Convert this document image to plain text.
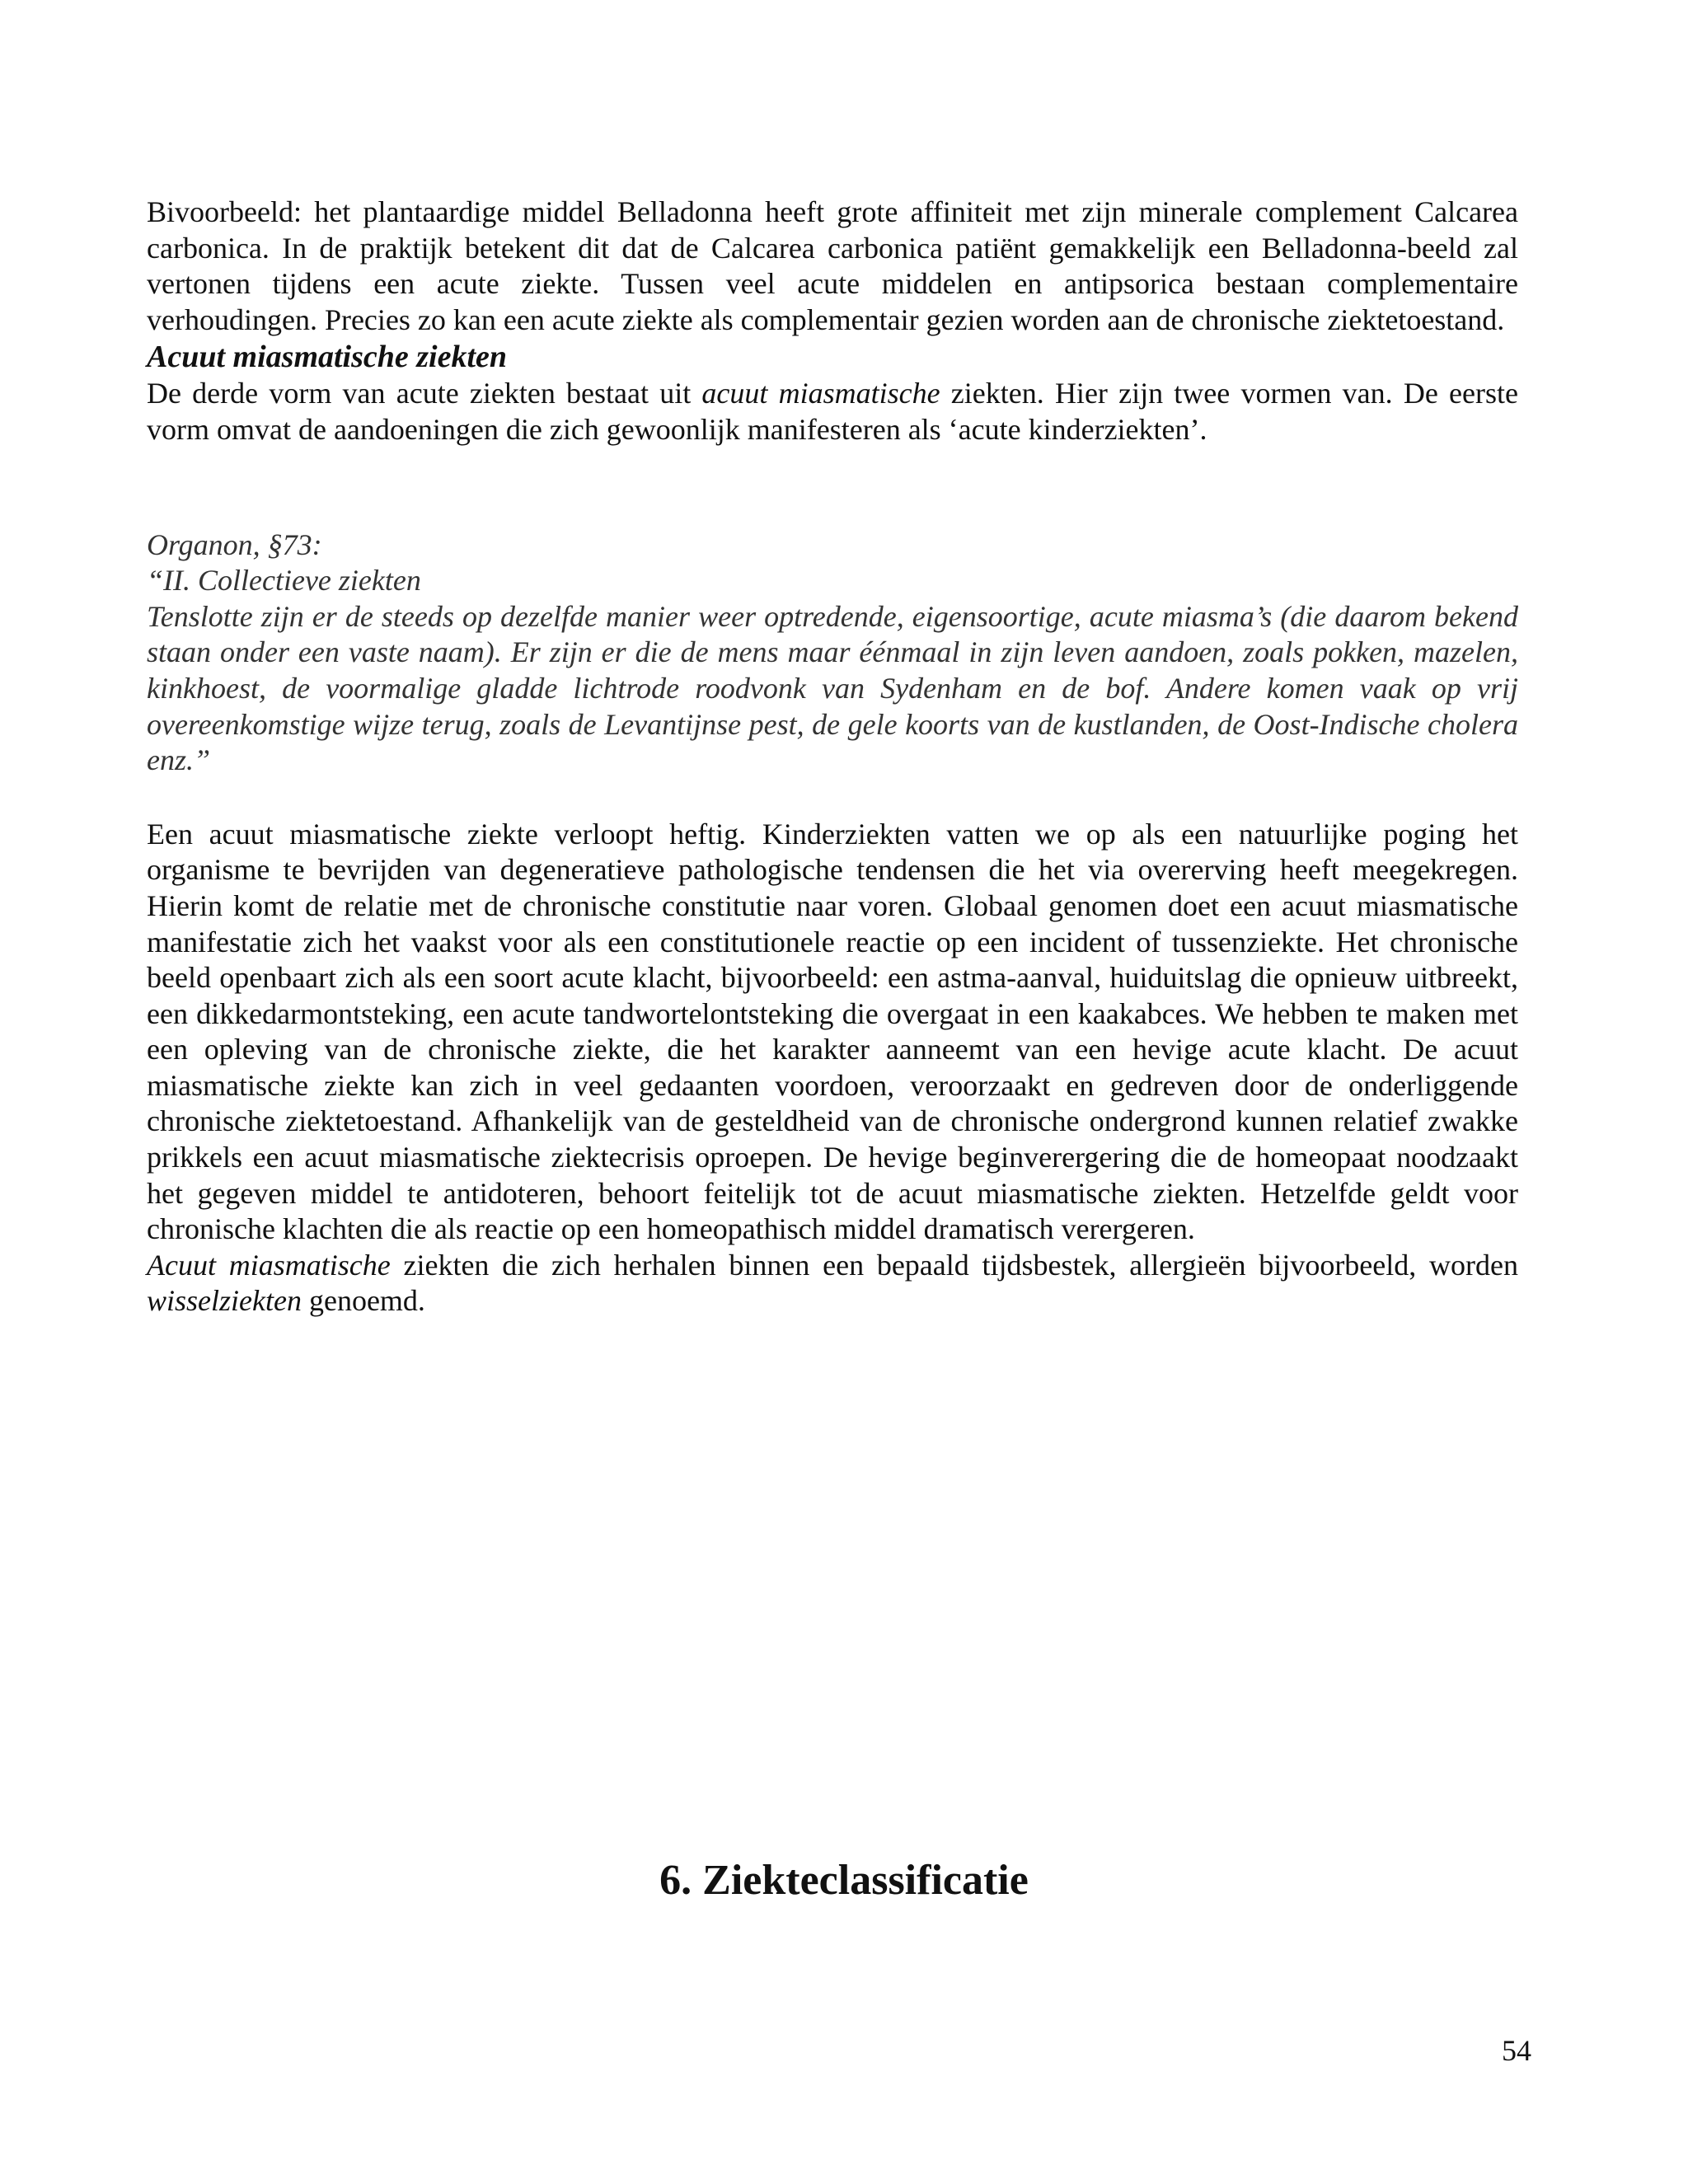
Bivoorbeeld: het plantaardige middel Belladonna heeft grote affiniteit met zijn minerale complement Calcarea carbonica. In de praktijk betekent dit dat de Calcarea carbonica patiënt gemakkelijk een Belladonna-beeld zal vertonen tijdens een acute ziekte. Tussen veel acute middelen en antipsorica bestaan complementaire verhoudingen. Precies zo kan een acute ziekte als complementair gezien worden aan de chronische ziektetoestand.

Acuut miasmatische ziekten

De derde vorm van acute ziekten bestaat uit acuut miasmatische ziekten. Hier zijn twee vormen van. De eerste vorm omvat de aandoeningen die zich gewoonlijk manifesteren als ‘acute kinderziekten’.

Organon, §73:
“II. Collectieve ziekten
Tenslotte zijn er de steeds op dezelfde manier weer optredende, eigensoortige, acute miasma’s (die daarom bekend staan onder een vaste naam). Er zijn er die de mens maar éénmaal in zijn leven aandoen, zoals pokken, mazelen, kinkhoest, de voormalige gladde lichtrode roodvonk van Sydenham en de bof. Andere komen vaak op vrij overeenkomstige wijze terug, zoals de Levantijnse pest, de gele koorts van de kustlanden, de Oost-Indische cholera enz.”

Een acuut miasmatische ziekte verloopt heftig. Kinderziekten vatten we op als een natuurlijke poging het organisme te bevrijden van degeneratieve pathologische tendensen die het via overerving heeft meegekregen. Hierin komt de relatie met de chronische constitutie naar voren. Globaal genomen doet een acuut miasmatische manifestatie zich het vaakst voor als een constitutionele reactie op een incident of tussenziekte. Het chronische beeld openbaart zich als een soort acute klacht, bijvoorbeeld: een astma-aanval, huiduitslag die opnieuw uitbreekt, een dikkedarmontsteking, een acute tandwortelontsteking die overgaat in een kaakabces. We hebben te maken met een opleving van de chronische ziekte, die het karakter aanneemt van een hevige acute klacht. De acuut miasmatische ziekte kan zich in veel gedaanten voordoen, veroorzaakt en gedreven door de onderliggende chronische ziektetoestand. Afhankelijk van de gesteldheid van de chronische ondergrond kunnen relatief zwakke prikkels een acuut miasmatische ziektecrisis oproepen. De hevige beginverergering die de homeopaat noodzaakt het gegeven middel te antidoteren, behoort feitelijk tot de acuut miasmatische ziekten. Hetzelfde geldt voor chronische klachten die als reactie op een homeopathisch middel dramatisch verergeren.

Acuut miasmatische ziekten die zich herhalen binnen een bepaald tijdsbestek, allergieën bijvoorbeeld, worden wisselziekten genoemd.

6. Ziekteclassificatie

54
